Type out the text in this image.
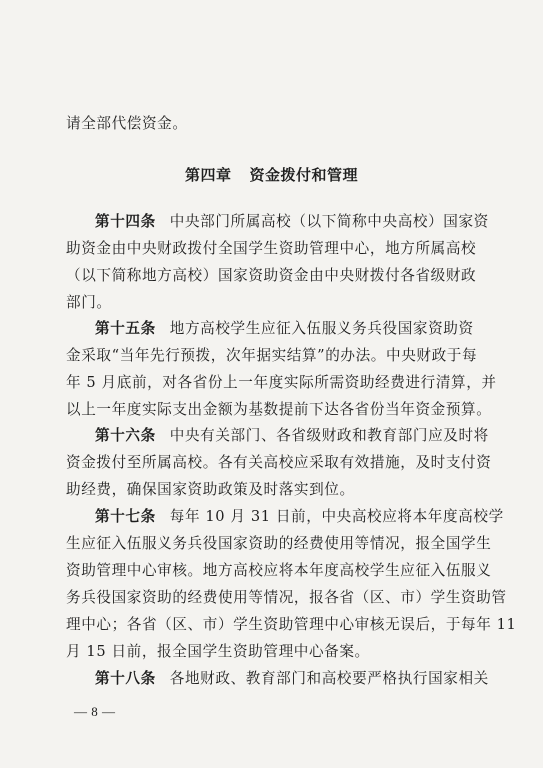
请全部代偿资金。
第四章 资金拨付和管理
第十四条 中央部门所属高校（以下简称中央高校）国家资
助资金由中央财政拨付全国学生资助管理中心，地方所属高校
（以下简称地方高校）国家资助资金由中央财拨付各省级财政
部门。
第十五条 地方高校学生应征入伍服义务兵役国家资助资
金采取“当年先行预拨，次年据实结算”的办法。中央财政于每
年 5 月底前，对各省份上一年度实际所需资助经费进行清算，并
以上一年度实际支出金额为基数提前下达各省份当年资金预算。
第十六条 中央有关部门、各省级财政和教育部门应及时将
资金拨付至所属高校。各有关高校应采取有效措施，及时支付资
助经费，确保国家资助政策及时落实到位。
第十七条 每年 10 月 31 日前，中央高校应将本年度高校学
生应征入伍服义务兵役国家资助的经费使用等情况，报全国学生
资助管理中心审核。地方高校应将本年度高校学生应征入伍服义
务兵役国家资助的经费使用等情况，报各省（区、市）学生资助管
理中心；各省（区、市）学生资助管理中心审核无误后，于每年 11
月 15 日前，报全国学生资助管理中心备案。
第十八条 各地财政、教育部门和高校要严格执行国家相关
— 8 —
